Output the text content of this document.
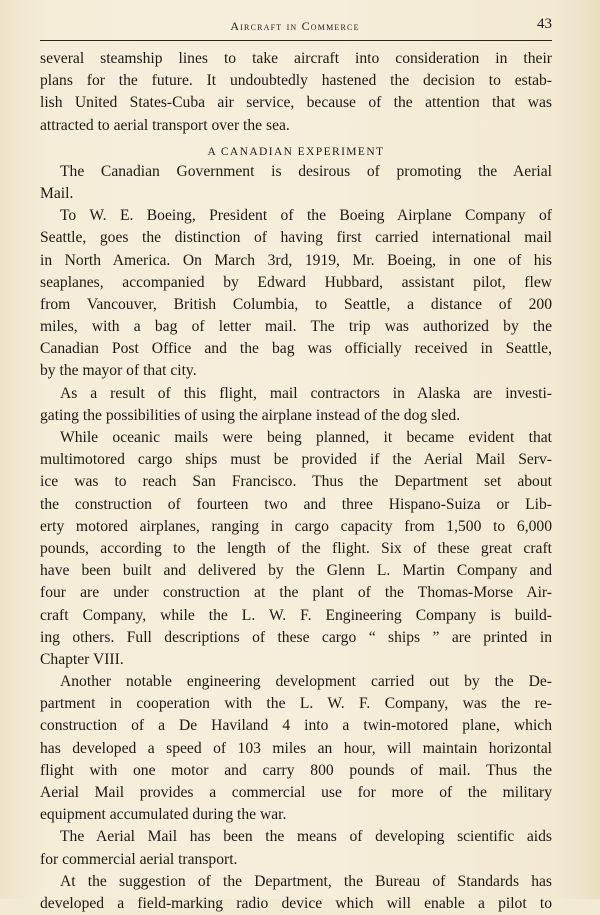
Aircraft in Commerce	43
several steamship lines to take aircraft into consideration in their
plans for the future. It undoubtedly hastened the decision to estab-
lish United States-Cuba air service, because of the attention that was
attracted to aerial transport over the sea.
A CANADIAN EXPERIMENT
The Canadian Government is desirous of promoting the Aerial
Mail.
To W. E. Boeing, President of the Boeing Airplane Company of
Seattle, goes the distinction of having first carried international mail
in North America. On March 3rd, 1919, Mr. Boeing, in one of his
seaplanes, accompanied by Edward Hubbard, assistant pilot, flew
from Vancouver, British Columbia, to Seattle, a distance of 200
miles, with a bag of letter mail. The trip was authorized by the
Canadian Post Office and the bag was officially received in Seattle,
by the mayor of that city.
As a result of this flight, mail contractors in Alaska are investi-
gating the possibilities of using the airplane instead of the dog sled.
While oceanic mails were being planned, it became evident that
multimotored cargo ships must be provided if the Aerial Mail Serv-
ice was to reach San Francisco. Thus the Department set about
the construction of fourteen two and three Hispano-Suiza or Lib-
erty motored airplanes, ranging in cargo capacity from 1,500 to 6,000
pounds, according to the length of the flight. Six of these great craft
have been built and delivered by the Glenn L. Martin Company and
four are under construction at the plant of the Thomas-Morse Air-
craft Company, while the L. W. F. Engineering Company is build-
ing others. Full descriptions of these cargo “ ships ” are printed in
Chapter VIII.
Another notable engineering development carried out by the De-
partment in cooperation with the L. W. F. Company, was the re-
construction of a De Haviland 4 into a twin-motored plane, which
has developed a speed of 103 miles an hour, will maintain horizontal
flight with one motor and carry 800 pounds of mail. Thus the
Aerial Mail provides a commercial use for more of the military
equipment accumulated during the war.
The Aerial Mail has been the means of developing scientific aids
for commercial aerial transport.
At the suggestion of the Department, the Bureau of Standards has
developed a field-marking radio device which will enable a pilot to
